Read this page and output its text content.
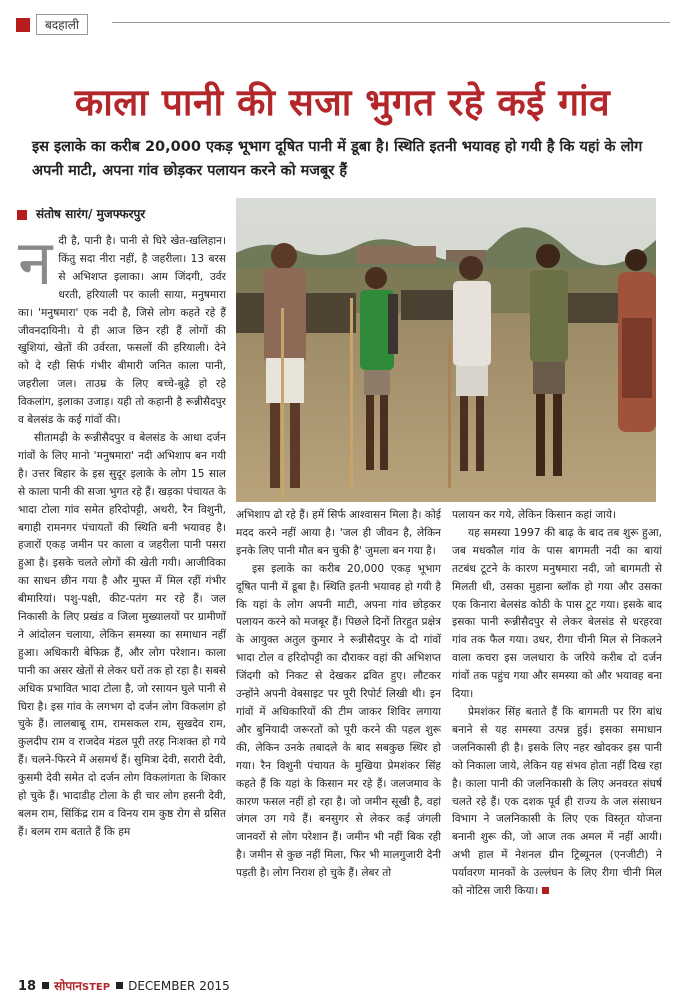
बदहाली
काला पानी की सजा भुगत रहे कई गांव
इस इलाके का करीब 20,000 एकड़ भूभाग दूषित पानी में डूबा है। स्थिति इतनी भयावह हो गयी है कि यहां के लोग अपनी माटी, अपना गांव छोड़कर पलायन करने को मजबूर हैं
संतोष सारंग/ मुजफ्फरपुर

नदी है, पानी है। पानी से घिरे खेत-खलिहान। किंतु सदा नीरा नहीं, है जहरीला। 13 बरस से अभिशप्त इलाका। आम जिंदगी, उर्वर धरती, हरियाली पर काली साया, मनुषमारा का। 'मनुषमारा' एक नदी है, जिसे लोग कहते रहे हैं जीवनदायिनी। ये ही आज छिन रही हैं लोगों की खुशियां, खेतों की उर्वरता, फसलों की हरियाली। देने को दे रही सिर्फ गंभीर बीमारी जनित काला पानी, जहरीला जल। ताउम्र के लिए बच्चे-बूढ़े हो रहे विकलांग, इलाका उजाड़। यही तो कहानी है रून्नीसैदपुर व बेलसंड के कई गांवों की।

सीतामढ़ी के रून्नीसैदपुर व बेलसंड के आधा दर्जन गांवों के लिए मानो 'मनुषमारा' नदी अभिशाप बन गयी है। उत्तर बिहार के इस सुदूर इलाके के लोग 15 साल से काला पानी की सजा भुगत रहे हैं। खड़का पंचायत के भादा टोला गांव समेत हरिदोपट्टी, अथरी, रैन विशुनी, बगाही रामनगर पंचायतों की स्थिति बनी भयावह है। हजारों एकड़ जमीन पर काला व जहरीला पानी पसरा हुआ है। इसके चलते लोगों की खेती गयी। आजीविका का साधन छीन गया है और मुफ्त में मिल रहीं गंभीर बीमारियां। पशु-पक्षी, कीट-पतंग मर रहे हैं। जल निकासी के लिए प्रखंड व जिला मुख्यालयों पर ग्रामीणों ने आंदोलन चलाया, लेकिन समस्या का समाधान नहीं हुआ। अधिकारी बेफिक्र हैं, और लोग परेशान। काला पानी का असर खेतों से लेकर घरों तक हो रहा है। सबसे अधिक प्रभावित भादा टोला है, जो रसायन घुले पानी से घिरा है। इस गांव के लगभग दो दर्जन लोग विकलांग हो चुके हैं। लालबाबू राम, रामसकल राम, सुखदेव राम, कुलदीप राम व राजदेव मंडल पूरी तरह निःशक्त हो गये हैं। चलने-फिरने में असमर्थ हैं। सुमित्रा देवी, सरारी देवी, कुसमी देवी समेत दो दर्जन लोग विकलांगता के शिकार हो चुके हैं। भादाडीह टोला के ही चार लोग हसनी देवी, बलम राम, सिंकिंद्र राम व विनय राम कुष्ठ रोग से ग्रसित हैं। बलम राम बताते हैं कि हम

अभिशाप ढो रहे हैं। हमें सिर्फ आश्वासन मिला है। कोई मदद करने नहीं आया है। 'जल ही जीवन है, लेकिन इनके लिए पानी मौत बन चुकी है' जुमला बन गया है।

इस इलाके का करीब 20,000 एकड़ भूभाग दूषित पानी में डूबा है। स्थिति इतनी भयावह हो गयी है कि यहां के लोग अपनी माटी, अपना गांव छोड़कर पलायन करने को मजबूर हैं। पिछले दिनों तिरहुत प्रक्षेत्र के आयुक्त अतुल कुमार ने रून्नीसैदपुर के दो गांवों भादा टोल व हरिदोपट्टी का दौराकर वहां की अभिशप्त जिंदगी को निकट से देखकर द्रवित हुए। लौटकर उन्होंने अपनी वेबसाइट पर पूरी रिपोर्ट लिखी थी। इन गांवों में अधिकारियों की टीम जाकर शिविर लगाया और बुनियादी जरूरतों को पूरी करने की पहल शुरू की, लेकिन उनके तबादले के बाद सबकुछ स्थिर हो गया। रैन विशुनी पंचायत के मुखिया प्रेमशंकर सिंह कहते हैं कि यहां के किसान मर रहे हैं। जलजमाव के कारण फसल नहीं हो रहा है। जो जमीन सूखी है, वहां जंगल उग गये हैं। बनसुगर से लेकर कई जंगली जानवरों से लोग परेशान हैं। जमीन भी नहीं बिक रही है। जमीन से कुछ नहीं मिला, फिर भी मालगुजारी देनी पड़ती है। लोग निराश हो चुके हैं। लेबर तो

पलायन कर गये, लेकिन किसान कहां जाये।

यह समस्या 1997 की बाढ़ के बाद तब शुरू हुआ, जब मधकौल गांव के पास बागमती नदी का बायां तटबंध टूटने के कारण मनुषमारा नदी, जो बागमती से मिलती थी, उसका मुहाना ब्लॉक हो गया और उसका एक किनारा बेलसंड कोठी के पास टूट गया। इसके बाद इसका पानी रून्नीसैदपुर से लेकर बेलसंड से धरहरवा गांव तक फैल गया। उधर, रीगा चीनी मिल से निकलने वाला कचरा इस जलधारा के जरिये करीब दो दर्जन गांवों तक पहुंच गया और समस्या को और भयावह बना दिया।

प्रेमशंकर सिंह बताते हैं कि बागमती पर रिंग बांध बनाने से यह समस्या उत्पन्न हुई। इसका समाधान जलनिकासी ही है। इसके लिए नहर खोदकर इस पानी को निकाला जाये, लेकिन यह संभव होता नहीं दिख रहा है। काला पानी की जलनिकासी के लिए अनवरत संघर्ष चलते रहे हैं। एक दशक पूर्व ही राज्य के जल संसाधन विभाग ने जलनिकासी के लिए एक विस्तृत योजना बनानी शुरू की, जो आज तक अमल में नहीं आयी। अभी हाल में नेशनल ग्रीन ट्रिब्यूनल (एनजीटी) ने पर्यावरण मानकों के उल्लंघन के लिए रीगा चीनी मिल को नोटिस जारी किया।

18 सोपानSTEP DECEMBER 2015
